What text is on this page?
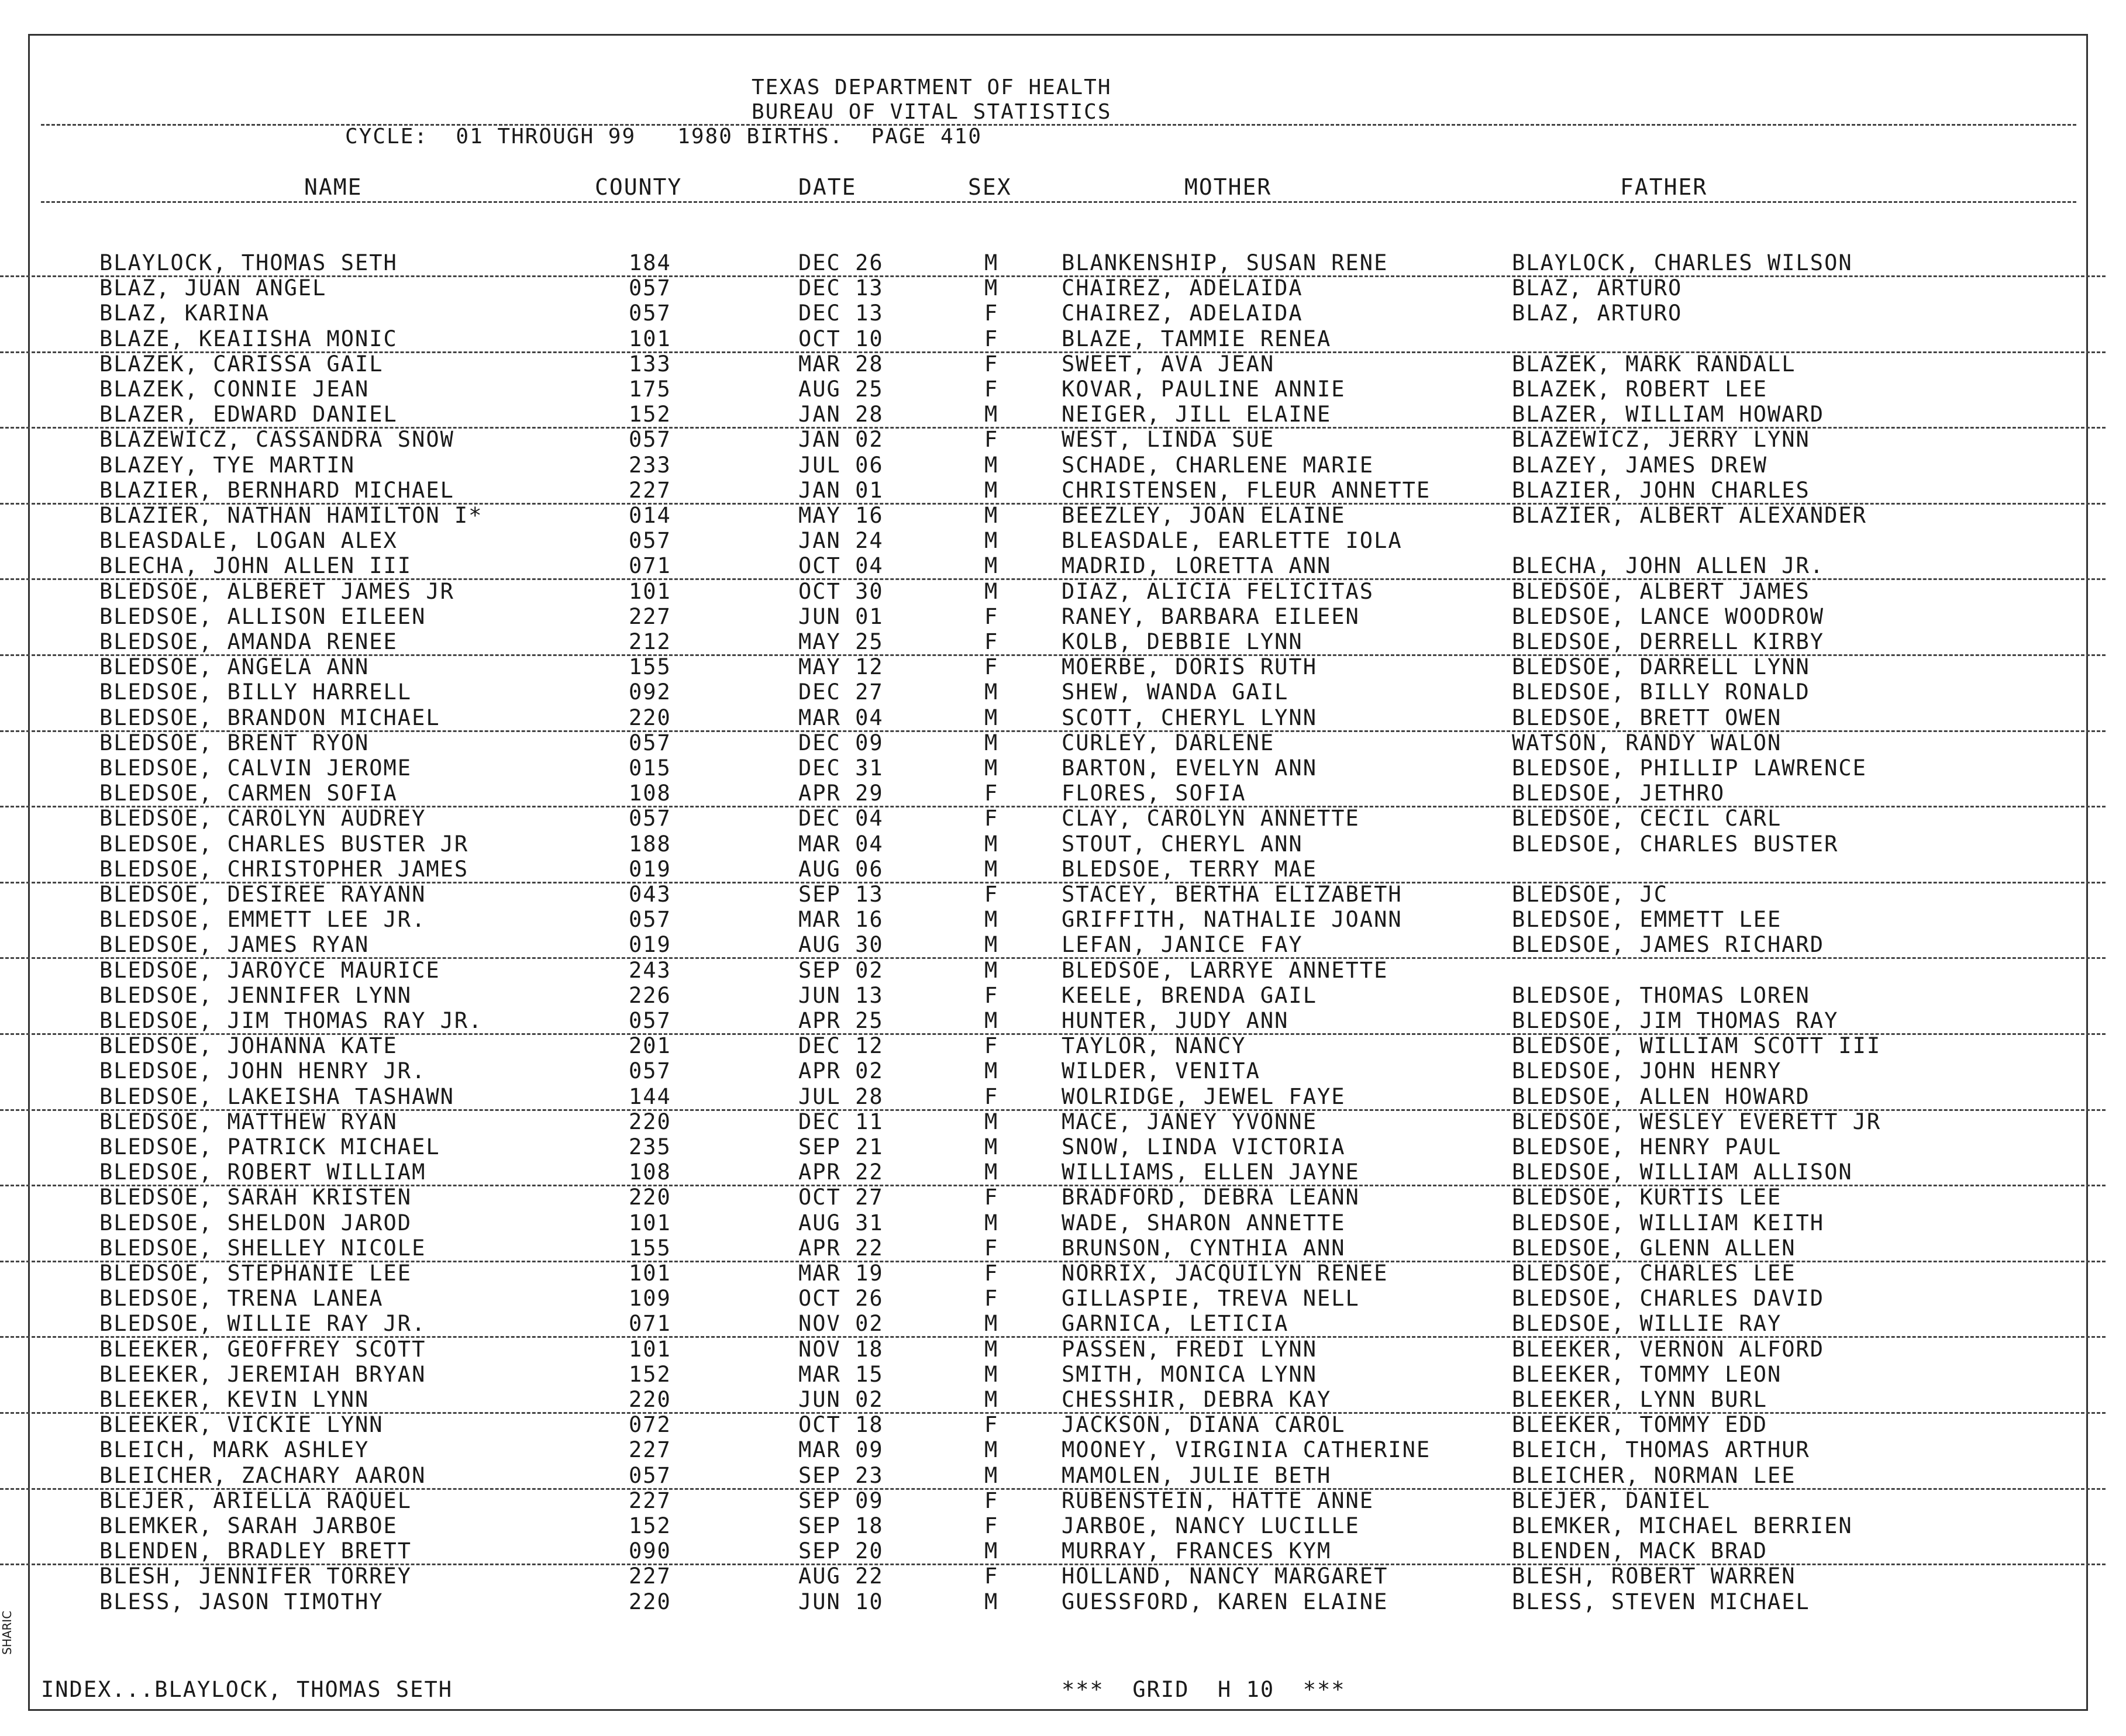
TEXAS DEPARTMENT OF HEALTH
BUREAU OF VITAL STATISTICS
CYCLE:  01 THROUGH 99   1980 BIRTHS.  PAGE 410
NAME	COUNTY	DATE	SEX	MOTHER	FATHER
BLAYLOCK, THOMAS SETH	184	DEC 26	M	BLANKENSHIP, SUSAN RENE	BLAYLOCK, CHARLES WILSON
BLAZ, JUAN ANGEL	057	DEC 13	M	CHAIREZ, ADELAIDA	BLAZ, ARTURO
BLAZ, KARINA	057	DEC 13	F	CHAIREZ, ADELAIDA	BLAZ, ARTURO
BLAZE, KEAIISHA MONIC	101	OCT 10	F	BLAZE, TAMMIE RENEA
BLAZEK, CARISSA GAIL	133	MAR 28	F	SWEET, AVA JEAN	BLAZEK, MARK RANDALL
BLAZEK, CONNIE JEAN	175	AUG 25	F	KOVAR, PAULINE ANNIE	BLAZEK, ROBERT LEE
BLAZER, EDWARD DANIEL	152	JAN 28	M	NEIGER, JILL ELAINE	BLAZER, WILLIAM HOWARD
BLAZEWICZ, CASSANDRA SNOW	057	JAN 02	F	WEST, LINDA SUE	BLAZEWICZ, JERRY LYNN
BLAZEY, TYE MARTIN	233	JUL 06	M	SCHADE, CHARLENE MARIE	BLAZEY, JAMES DREW
BLAZIER, BERNHARD MICHAEL	227	JAN 01	M	CHRISTENSEN, FLEUR ANNETTE	BLAZIER, JOHN CHARLES
BLAZIER, NATHAN HAMILTON I*	014	MAY 16	M	BEEZLEY, JOAN ELAINE	BLAZIER, ALBERT ALEXANDER
BLEASDALE, LOGAN ALEX	057	JAN 24	M	BLEASDALE, EARLETTE IOLA
BLECHA, JOHN ALLEN III	071	OCT 04	M	MADRID, LORETTA ANN	BLECHA, JOHN ALLEN JR.
BLEDSOE, ALBERET JAMES JR	101	OCT 30	M	DIAZ, ALICIA FELICITAS	BLEDSOE, ALBERT JAMES
BLEDSOE, ALLISON EILEEN	227	JUN 01	F	RANEY, BARBARA EILEEN	BLEDSOE, LANCE WOODROW
BLEDSOE, AMANDA RENEE	212	MAY 25	F	KOLB, DEBBIE LYNN	BLEDSOE, DERRELL KIRBY
BLEDSOE, ANGELA ANN	155	MAY 12	F	MOERBE, DORIS RUTH	BLEDSOE, DARRELL LYNN
BLEDSOE, BILLY HARRELL	092	DEC 27	M	SHEW, WANDA GAIL	BLEDSOE, BILLY RONALD
BLEDSOE, BRANDON MICHAEL	220	MAR 04	M	SCOTT, CHERYL LYNN	BLEDSOE, BRETT OWEN
BLEDSOE, BRENT RYON	057	DEC 09	M	CURLEY, DARLENE	WATSON, RANDY WALON
BLEDSOE, CALVIN JEROME	015	DEC 31	M	BARTON, EVELYN ANN	BLEDSOE, PHILLIP LAWRENCE
BLEDSOE, CARMEN SOFIA	108	APR 29	F	FLORES, SOFIA	BLEDSOE, JETHRO
BLEDSOE, CAROLYN AUDREY	057	DEC 04	F	CLAY, CAROLYN ANNETTE	BLEDSOE, CECIL CARL
BLEDSOE, CHARLES BUSTER JR	188	MAR 04	M	STOUT, CHERYL ANN	BLEDSOE, CHARLES BUSTER
BLEDSOE, CHRISTOPHER JAMES	019	AUG 06	M	BLEDSOE, TERRY MAE
BLEDSOE, DESIREE RAYANN	043	SEP 13	F	STACEY, BERTHA ELIZABETH	BLEDSOE, JC
BLEDSOE, EMMETT LEE JR.	057	MAR 16	M	GRIFFITH, NATHALIE JOANN	BLEDSOE, EMMETT LEE
BLEDSOE, JAMES RYAN	019	AUG 30	M	LEFAN, JANICE FAY	BLEDSOE, JAMES RICHARD
BLEDSOE, JAROYCE MAURICE	243	SEP 02	M	BLEDSOE, LARRYE ANNETTE
BLEDSOE, JENNIFER LYNN	226	JUN 13	F	KEELE, BRENDA GAIL	BLEDSOE, THOMAS LOREN
BLEDSOE, JIM THOMAS RAY JR.	057	APR 25	M	HUNTER, JUDY ANN	BLEDSOE, JIM THOMAS RAY
BLEDSOE, JOHANNA KATE	201	DEC 12	F	TAYLOR, NANCY	BLEDSOE, WILLIAM SCOTT III
BLEDSOE, JOHN HENRY JR.	057	APR 02	M	WILDER, VENITA	BLEDSOE, JOHN HENRY
BLEDSOE, LAKEISHA TASHAWN	144	JUL 28	F	WOLRIDGE, JEWEL FAYE	BLEDSOE, ALLEN HOWARD
BLEDSOE, MATTHEW RYAN	220	DEC 11	M	MACE, JANEY YVONNE	BLEDSOE, WESLEY EVERETT JR
BLEDSOE, PATRICK MICHAEL	235	SEP 21	M	SNOW, LINDA VICTORIA	BLEDSOE, HENRY PAUL
BLEDSOE, ROBERT WILLIAM	108	APR 22	M	WILLIAMS, ELLEN JAYNE	BLEDSOE, WILLIAM ALLISON
BLEDSOE, SARAH KRISTEN	220	OCT 27	F	BRADFORD, DEBRA LEANN	BLEDSOE, KURTIS LEE
BLEDSOE, SHELDON JAROD	101	AUG 31	M	WADE, SHARON ANNETTE	BLEDSOE, WILLIAM KEITH
BLEDSOE, SHELLEY NICOLE	155	APR 22	F	BRUNSON, CYNTHIA ANN	BLEDSOE, GLENN ALLEN
BLEDSOE, STEPHANIE LEE	101	MAR 19	F	NORRIX, JACQUILYN RENEE	BLEDSOE, CHARLES LEE
BLEDSOE, TRENA LANEA	109	OCT 26	F	GILLASPIE, TREVA NELL	BLEDSOE, CHARLES DAVID
BLEDSOE, WILLIE RAY JR.	071	NOV 02	M	GARNICA, LETICIA	BLEDSOE, WILLIE RAY
BLEEKER, GEOFFREY SCOTT	101	NOV 18	M	PASSEN, FREDI LYNN	BLEEKER, VERNON ALFORD
BLEEKER, JEREMIAH BRYAN	152	MAR 15	M	SMITH, MONICA LYNN	BLEEKER, TOMMY LEON
BLEEKER, KEVIN LYNN	220	JUN 02	M	CHESSHIR, DEBRA KAY	BLEEKER, LYNN BURL
BLEEKER, VICKIE LYNN	072	OCT 18	F	JACKSON, DIANA CAROL	BLEEKER, TOMMY EDD
BLEICH, MARK ASHLEY	227	MAR 09	M	MOONEY, VIRGINIA CATHERINE	BLEICH, THOMAS ARTHUR
BLEICHER, ZACHARY AARON	057	SEP 23	M	MAMOLEN, JULIE BETH	BLEICHER, NORMAN LEE
BLEJER, ARIELLA RAQUEL	227	SEP 09	F	RUBENSTEIN, HATTE ANNE	BLEJER, DANIEL
BLEMKER, SARAH JARBOE	152	SEP 18	F	JARBOE, NANCY LUCILLE	BLEMKER, MICHAEL BERRIEN
BLENDEN, BRADLEY BRETT	090	SEP 20	M	MURRAY, FRANCES KYM	BLENDEN, MACK BRAD
BLESH, JENNIFER TORREY	227	AUG 22	F	HOLLAND, NANCY MARGARET	BLESH, ROBERT WARREN
BLESS, JASON TIMOTHY	220	JUN 10	M	GUESSFORD, KAREN ELAINE	BLESS, STEVEN MICHAEL
INDEX...BLAYLOCK, THOMAS SETH	***  GRID  H 10  ***
SHARIC
